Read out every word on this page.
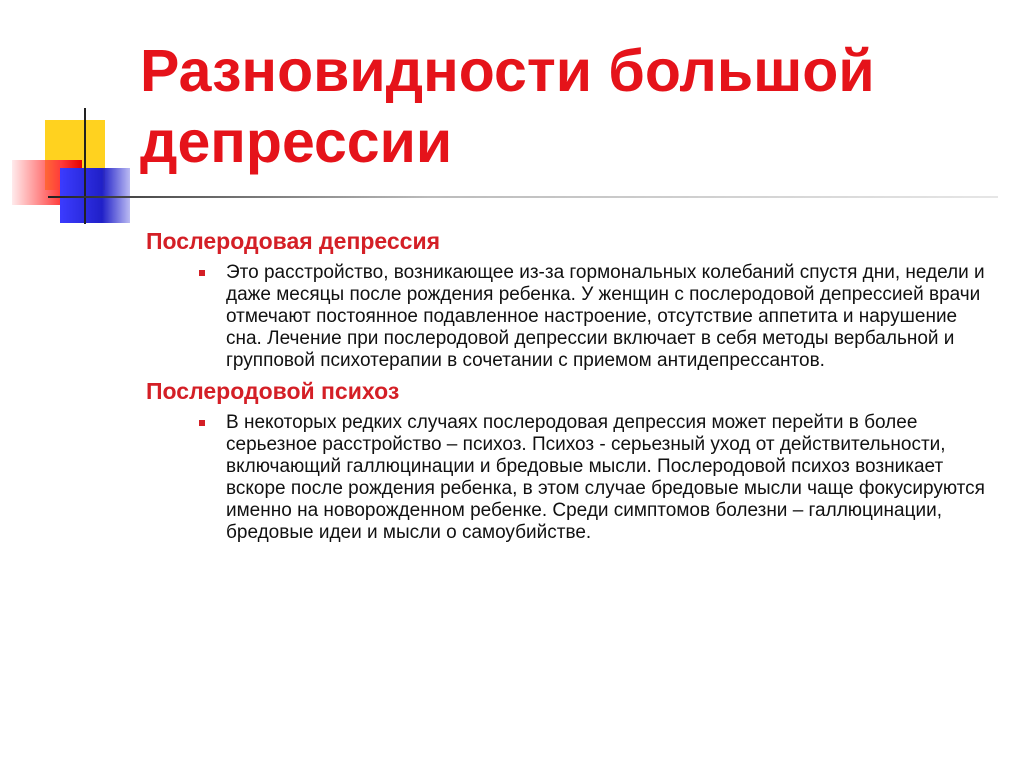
Разновидности большой депрессии
Послеродовая депрессия

Это расстройство, возникающее из-за гормональных колебаний спустя дни, недели и даже месяцы после рождения ребенка. У женщин с послеродовой депрессией врачи отмечают постоянное подавленное настроение, отсутствие аппетита и нарушение сна. Лечение при послеродовой депрессии включает в себя методы вербальной и групповой психотерапии в сочетании с приемом антидепрессантов.

Послеродовой психоз

В некоторых редких случаях послеродовая депрессия может перейти в более серьезное расстройство – психоз. Психоз - серьезный уход от действительности, включающий галлюцинации и бредовые мысли. Послеродовой психоз возникает вскоре после рождения ребенка, в этом случае бредовые мысли чаще фокусируются именно на новорожденном ребенке. Среди симптомов болезни – галлюцинации, бредовые идеи и мысли о самоубийстве.
